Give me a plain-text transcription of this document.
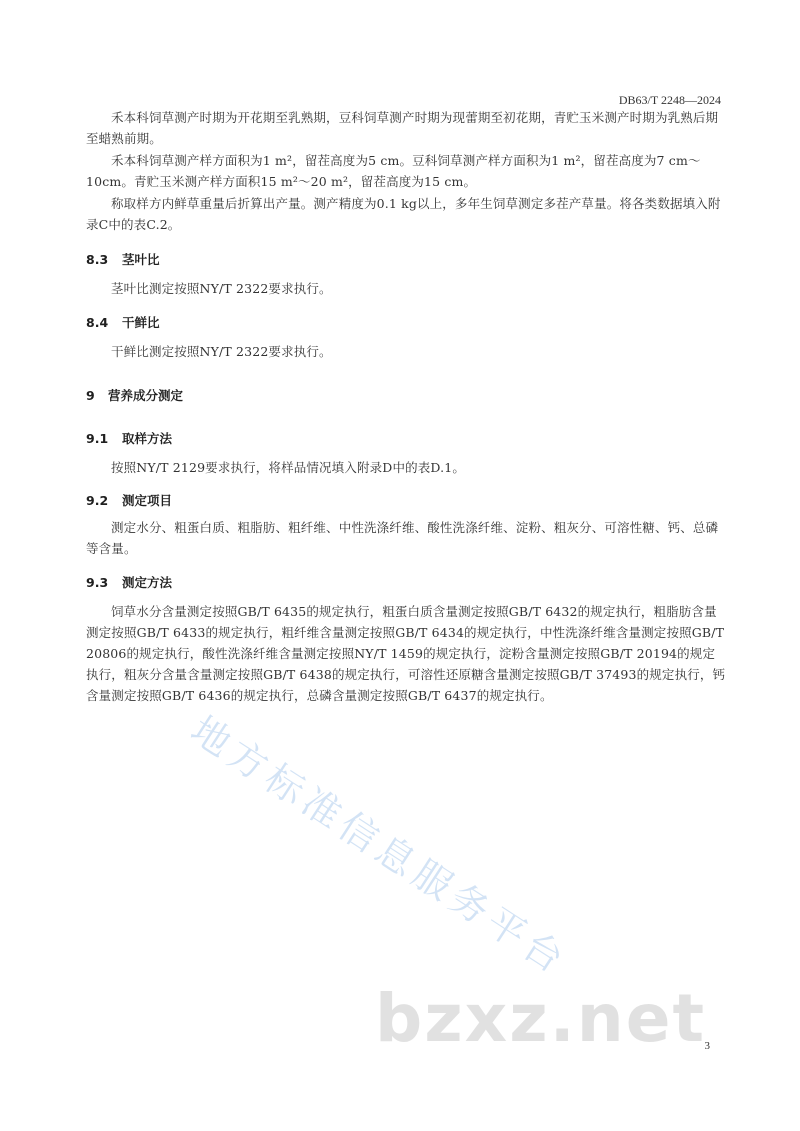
DB63/T 2248—2024

禾本科饲草测产时期为开花期至乳熟期，豆科饲草测产时期为现蕾期至初花期，青贮玉米测产时期为乳熟后期至蜡熟前期。

禾本科饲草测产样方面积为1 m²，留茬高度为5 cm。豆科饲草测产样方面积为1 m²，留茬高度为7 cm～10cm。青贮玉米测产样方面积15 m²～20 m²，留茬高度为15 cm。

称取样方内鲜草重量后折算出产量。测产精度为0.1 kg以上，多年生饲草测定多茬产草量。将各类数据填入附录C中的表C.2。

8.3 茎叶比

茎叶比测定按照NY/T 2322要求执行。

8.4 干鲜比

干鲜比测定按照NY/T 2322要求执行。

9 营养成分测定
9.1 取样方法

按照NY/T 2129要求执行，将样品情况填入附录D中的表D.1。

9.2 测定项目

测定水分、粗蛋白质、粗脂肪、粗纤维、中性洗涤纤维、酸性洗涤纤维、淀粉、粗灰分、可溶性糖、钙、总磷等含量。

9.3 测定方法

饲草水分含量测定按照GB/T 6435的规定执行，粗蛋白质含量测定按照GB/T 6432的规定执行，粗脂肪含量测定按照GB/T 6433的规定执行，粗纤维含量测定按照GB/T 6434的规定执行，中性洗涤纤维含量测定按照GB/T 20806的规定执行，酸性洗涤纤维含量测定按照NY/T 1459的规定执行，淀粉含量测定按照GB/T 20194的规定执行，粗灰分含量含量测定按照GB/T 6438的规定执行，可溶性还原糖含量测定按照GB/T 37493的规定执行，钙含量测定按照GB/T 6436的规定执行，总磷含量测定按照GB/T 6437的规定执行。

地方标准信息服务平台
bzxz.net
3
